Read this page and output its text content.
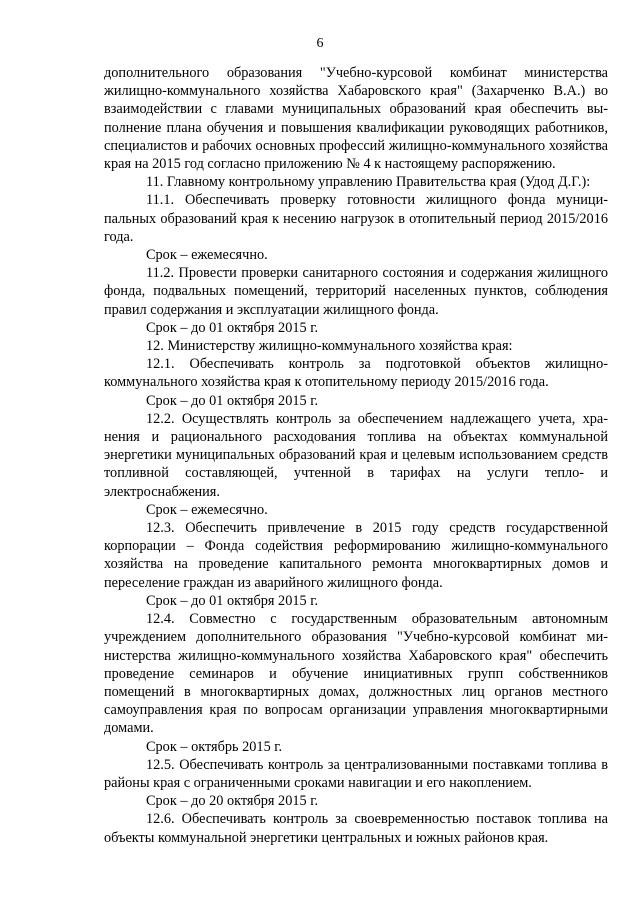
6

дополнительного образования "Учебно-курсовой комбинат министерства жилищно-коммунального хозяйства Хабаровского края" (Захарченко В.А.) во взаимодействии с главами муниципальных образований края обеспечить выполнение плана обучения и повышения квалификации руководящих работников, специалистов и рабочих основных профессий жилищно-коммунального хозяйства края на 2015 год согласно приложению № 4 к настоящему распоряжению.

11. Главному контрольному управлению Правительства края (Удод Д.Г.):

11.1. Обеспечивать проверку готовности жилищного фонда муниципальных образований края к несению нагрузок в отопительный период 2015/2016 года.

Срок – ежемесячно.

11.2. Провести проверки санитарного состояния и содержания жилищного фонда, подвальных помещений, территорий населенных пунктов, соблюдения правил содержания и эксплуатации жилищного фонда.

Срок – до 01 октября 2015 г.

12. Министерству жилищно-коммунального хозяйства края:

12.1. Обеспечивать контроль за подготовкой объектов жилищно-коммунального хозяйства края к отопительному периоду 2015/2016 года.

Срок – до 01 октября 2015 г.

12.2. Осуществлять контроль за обеспечением надлежащего учета, хранения и рационального расходования топлива на объектах коммунальной энергетики муниципальных образований края и целевым использованием средств топливной составляющей, учтенной в тарифах на услуги тепло- и электроснабжения.

Срок – ежемесячно.

12.3. Обеспечить привлечение в 2015 году средств государственной корпорации – Фонда содействия реформированию жилищно-коммунального хозяйства на проведение капитального ремонта многоквартирных домов и переселение граждан из аварийного жилищного фонда.

Срок – до 01 октября 2015 г.

12.4. Совместно с государственным образовательным автономным учреждением дополнительного образования "Учебно-курсовой комбинат министерства жилищно-коммунального хозяйства Хабаровского края" обеспечить проведение семинаров и обучение инициативных групп собственников помещений в многоквартирных домах, должностных лиц органов местного самоуправления края по вопросам организации управления многоквартирными домами.

Срок – октябрь 2015 г.

12.5. Обеспечивать контроль за централизованными поставками топлива в районы края с ограниченными сроками навигации и его накоплением.

Срок – до 20 октября 2015 г.

12.6. Обеспечивать контроль за своевременностью поставок топлива на объекты коммунальной энергетики центральных и южных районов края.
